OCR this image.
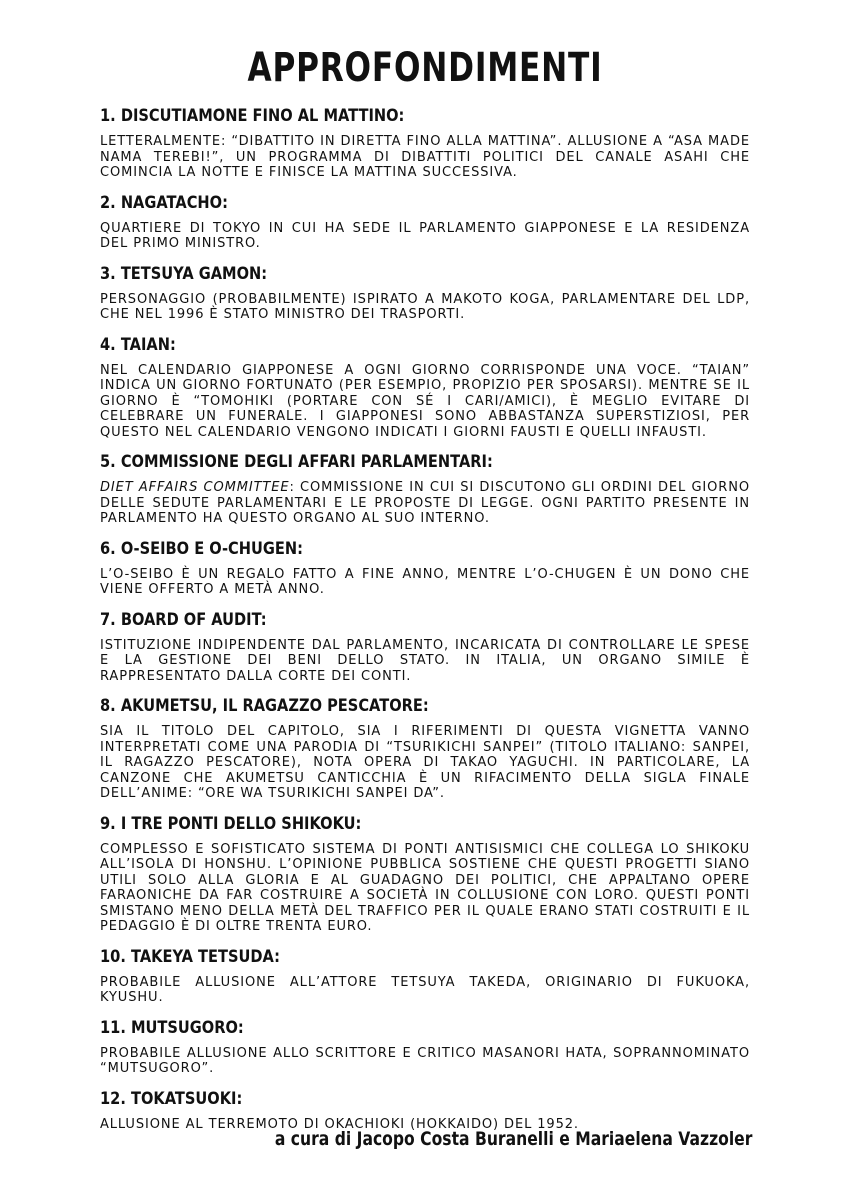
APPROFONDIMENTI
1. DISCUTIAMONE FINO AL MATTINO:
LETTERALMENTE: “DIBATTITO IN DIRETTA FINO ALLA MATTINA”. ALLUSIONE A “ASA MADE NAMA TEREBI!”, UN PROGRAMMA DI DIBATTITI POLITICI DEL CANALE ASAHI CHE COMINCIA LA NOTTE E FINISCE LA MATTINA SUCCESSIVA.
2. NAGATACHO:
QUARTIERE DI TOKYO IN CUI HA SEDE IL PARLAMENTO GIAPPONESE E LA RESIDENZA DEL PRIMO MINISTRO.
3. TETSUYA GAMON:
PERSONAGGIO (PROBABILMENTE) ISPIRATO A MAKOTO KOGA, PARLAMENTARE DEL LDP, CHE NEL 1996 È STATO MINISTRO DEI TRASPORTI.
4. TAIAN:
NEL CALENDARIO GIAPPONESE A OGNI GIORNO CORRISPONDE UNA VOCE. “TAIAN” INDICA UN GIORNO FORTUNATO (PER ESEMPIO, PROPIZIO PER SPOSARSI). MENTRE SE IL GIORNO È “TOMOHIKI (PORTARE CON SÉ I CARI/AMICI), È MEGLIO EVITARE DI CELEBRARE UN FUNERALE. I GIAPPONESI SONO ABBASTANZA SUPERSTIZIOSI, PER QUESTO NEL CALENDARIO VENGONO INDICATI I GIORNI FAUSTI E QUELLI INFAUSTI.
5. COMMISSIONE DEGLI AFFARI PARLAMENTARI:
DIET AFFAIRS COMMITTEE: COMMISSIONE IN CUI SI DISCUTONO GLI ORDINI DEL GIORNO DELLE SEDUTE PARLAMENTARI E LE PROPOSTE DI LEGGE. OGNI PARTITO PRESENTE IN PARLAMENTO HA QUESTO ORGANO AL SUO INTERNO.
6. O-SEIBO E O-CHUGEN:
L’O-SEIBO È UN REGALO FATTO A FINE ANNO, MENTRE L’O-CHUGEN È UN DONO CHE VIENE OFFERTO A METÀ ANNO.
7. BOARD OF AUDIT:
ISTITUZIONE INDIPENDENTE DAL PARLAMENTO, INCARICATA DI CONTROLLARE LE SPESE E LA GESTIONE DEI BENI DELLO STATO. IN ITALIA, UN ORGANO SIMILE È RAPPRESENTATO DALLA CORTE DEI CONTI.
8. AKUMETSU, IL RAGAZZO PESCATORE:
SIA IL TITOLO DEL CAPITOLO, SIA I RIFERIMENTI DI QUESTA VIGNETTA VANNO INTERPRETATI COME UNA PARODIA DI “TSURIKICHI SANPEI” (TITOLO ITALIANO: SANPEI, IL RAGAZZO PESCATORE), NOTA OPERA DI TAKAO YAGUCHI. IN PARTICOLARE, LA CANZONE CHE AKUMETSU CANTICCHIA È UN RIFACIMENTO DELLA SIGLA FINALE DELL’ANIME: “ORE WA TSURIKICHI SANPEI DA”.
9. I TRE PONTI DELLO SHIKOKU:
COMPLESSO E SOFISTICATO SISTEMA DI PONTI ANTISISMICI CHE COLLEGA LO SHIKOKU ALL’ISOLA DI HONSHU. L’OPINIONE PUBBLICA SOSTIENE CHE QUESTI PROGETTI SIANO UTILI SOLO ALLA GLORIA E AL GUADAGNO DEI POLITICI, CHE APPALTANO OPERE FARAONICHE DA FAR COSTRUIRE A SOCIETÀ IN COLLUSIONE CON LORO. QUESTI PONTI SMISTANO MENO DELLA METÀ DEL TRAFFICO PER IL QUALE ERANO STATI COSTRUITI E IL PEDAGGIO È DI OLTRE TRENTA EURO.
10. TAKEYA TETSUDA:
PROBABILE ALLUSIONE ALL’ATTORE TETSUYA TAKEDA, ORIGINARIO DI FUKUOKA, KYUSHU.
11. MUTSUGORO:
PROBABILE ALLUSIONE ALLO SCRITTORE E CRITICO MASANORI HATA, SOPRANNOMINATO “MUTSUGORO”.
12. TOKATSUOKI:
ALLUSIONE AL TERREMOTO DI OKACHIOKI (HOKKAIDO) DEL 1952.
a cura di Jacopo Costa Buranelli e Mariaelena Vazzoler
